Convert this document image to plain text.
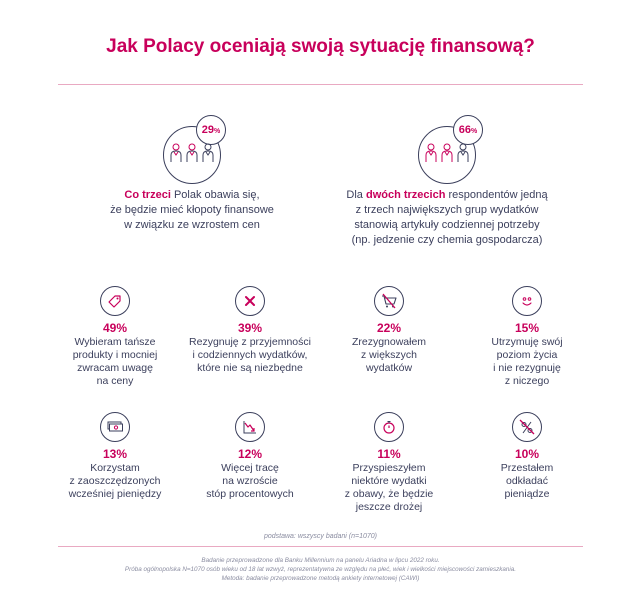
Jak Polacy oceniają swoją sytuację finansową?
29 %
Co trzeci Polak obawia się,
że będzie mieć kłopoty finansowe
w związku ze wzrostem cen
66 %
Dla dwóch trzecich respondentów jedną
z trzech największych grup wydatków
stanowią artykuły codziennej potrzeby
(np. jedzenie czy chemia gospodarcza)
49%
Wybieram tańsze
produkty i mocniej
zwracam uwagę
na ceny
39%
Rezygnuję z przyjemności
i codziennych wydatków,
które nie są niezbędne
22%
Zrezygnowałem
z większych
wydatków
15%
Utrzymuję swój
poziom życia
i nie rezygnuję
z niczego
13%
Korzystam
z zaoszczędzonych
wcześniej pieniędzy
12%
Więcej tracę
na wzroście
stóp procentowych
11%
Przyspieszyłem
niektóre wydatki
z obawy, że będzie
jeszcze drożej
10%
Przestałem
odkładać
pieniądze
podstawa: wszyscy badani (n=1070)
Badanie przeprowadzone dla Banku Millennium na panelu Ariadna w lipcu 2022 roku.
Próba ogólnopolska N=1070 osób wieku od 18 lat wzwyż, reprezentatywna ze względu na płeć, wiek i wielkości miejscowości zamieszkania.
Metoda: badanie przeprowadzone metodą ankiety internetowej (CAWI)
